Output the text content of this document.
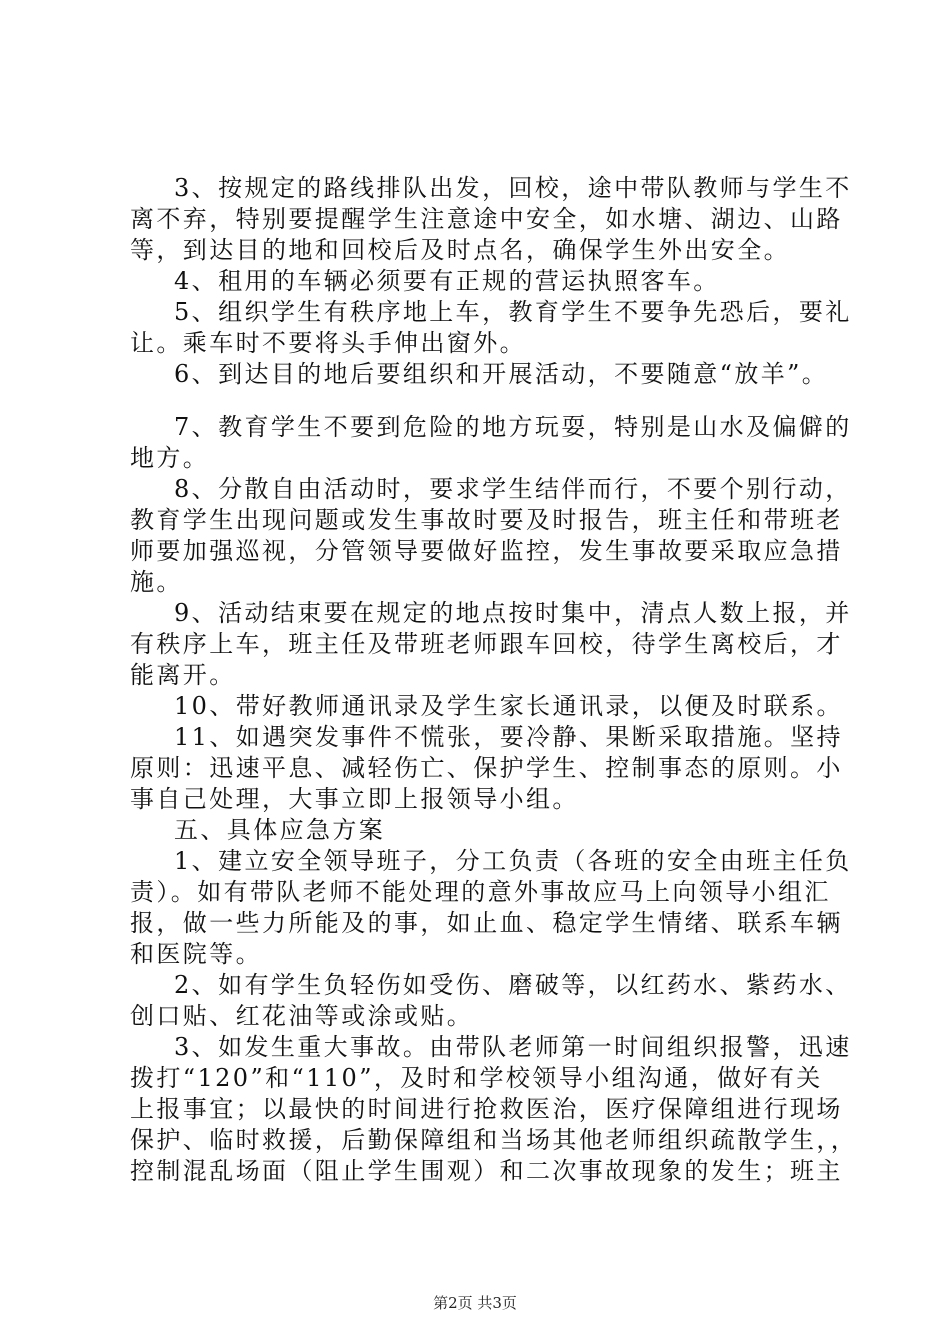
3、按规定的路线排队出发，回校，途中带队教师与学生不
离不弃，特别要提醒学生注意途中安全，如水塘、湖边、山路
等，到达目的地和回校后及时点名，确保学生外出安全。
4、租用的车辆必须要有正规的营运执照客车。
5、组织学生有秩序地上车，教育学生不要争先恐后，要礼
让。乘车时不要将头手伸出窗外。
6、到达目的地后要组织和开展活动，不要随意“放羊”。
7、教育学生不要到危险的地方玩耍，特别是山水及偏僻的
地方。
8、分散自由活动时，要求学生结伴而行，不要个别行动，
教育学生出现问题或发生事故时要及时报告，班主任和带班老
师要加强巡视，分管领导要做好监控，发生事故要采取应急措
施。
9、活动结束要在规定的地点按时集中，清点人数上报，并
有秩序上车，班主任及带班老师跟车回校，待学生离校后，才
能离开。
10、带好教师通讯录及学生家长通讯录，以便及时联系。
11、如遇突发事件不慌张，要冷静、果断采取措施。坚持
原则：迅速平息、减轻伤亡、保护学生、控制事态的原则。小
事自己处理，大事立即上报领导小组。
五、具体应急方案
1、建立安全领导班子，分工负责（各班的安全由班主任负
责）。如有带队老师不能处理的意外事故应马上向领导小组汇
报，做一些力所能及的事，如止血、稳定学生情绪、联系车辆
和医院等。
2、如有学生负轻伤如受伤、磨破等，以红药水、紫药水、
创口贴、红花油等或涂或贴。
3、如发生重大事故。由带队老师第一时间组织报警，迅速
拨打“120”和“110”，及时和学校领导小组沟通，做好有关
上报事宜；以最快的时间进行抢救医治，医疗保障组进行现场
保护、临时救援，后勤保障组和当场其他老师组织疏散学生，，
控制混乱场面（阻止学生围观）和二次事故现象的发生；班主
第2页 共3页
